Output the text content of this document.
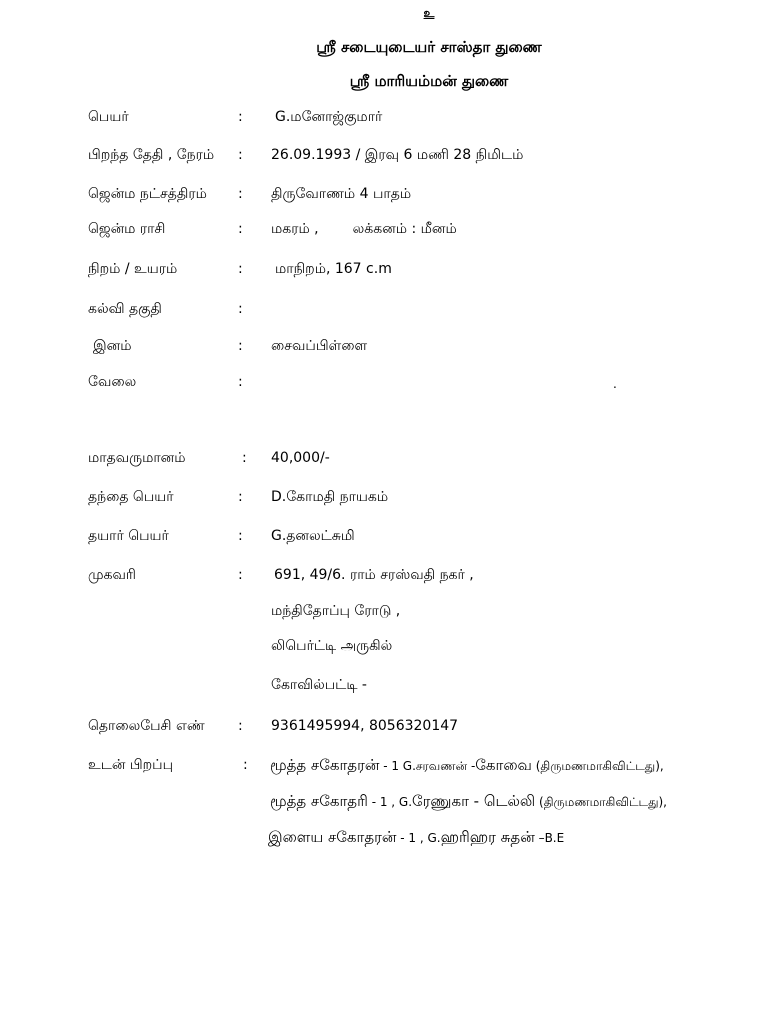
உ
ஸ்ரீ சடையுடையர் சாஸ்தா துணை
ஸ்ரீ மாரியம்மன் துணை
பெயர்	: G.மனோஜ்குமார்
பிறந்த தேதி , நேரம் : 26.09.1993 / இரவு 6 மணி 28 நிமிடம்
ஜென்ம நட்சத்திரம் : திருவோணம் 4 பாதம்
ஜென்ம ராசி	: மகரம் , லக்கனம் : மீனம்
நிறம் / உயரம்	: மாநிறம், 167 c.m
கல்வி தகுதி	:
இனம்	: சைவப்பிள்ளை
வேலை	:	.
மாதவருமானம்	: 40,000/-
தந்தை பெயர்	: D.கோமதி நாயகம்
தயார் பெயர்	: G.தனலட்சுமி
முகவரி	: 691, 49/6. ராம் சரஸ்வதி நகர் ,
மந்திதோப்பு ரோடு ,
லிபெர்ட்டி அருகில்
கோவில்பட்டி -
தொலைபேசி எண் : 9361495994, 8056320147
உடன் பிறப்பு	: மூத்த சகோதரன் - 1 G.சரவணன் -கோவை (திருமணமாகிவிட்டது),
மூத்த சகோதரி - 1 , G.ரேணுகா - டெல்லி (திருமணமாகிவிட்டது),
இளைய சகோதரன் - 1 , G.ஹரிஹர சுதன் –B.E
